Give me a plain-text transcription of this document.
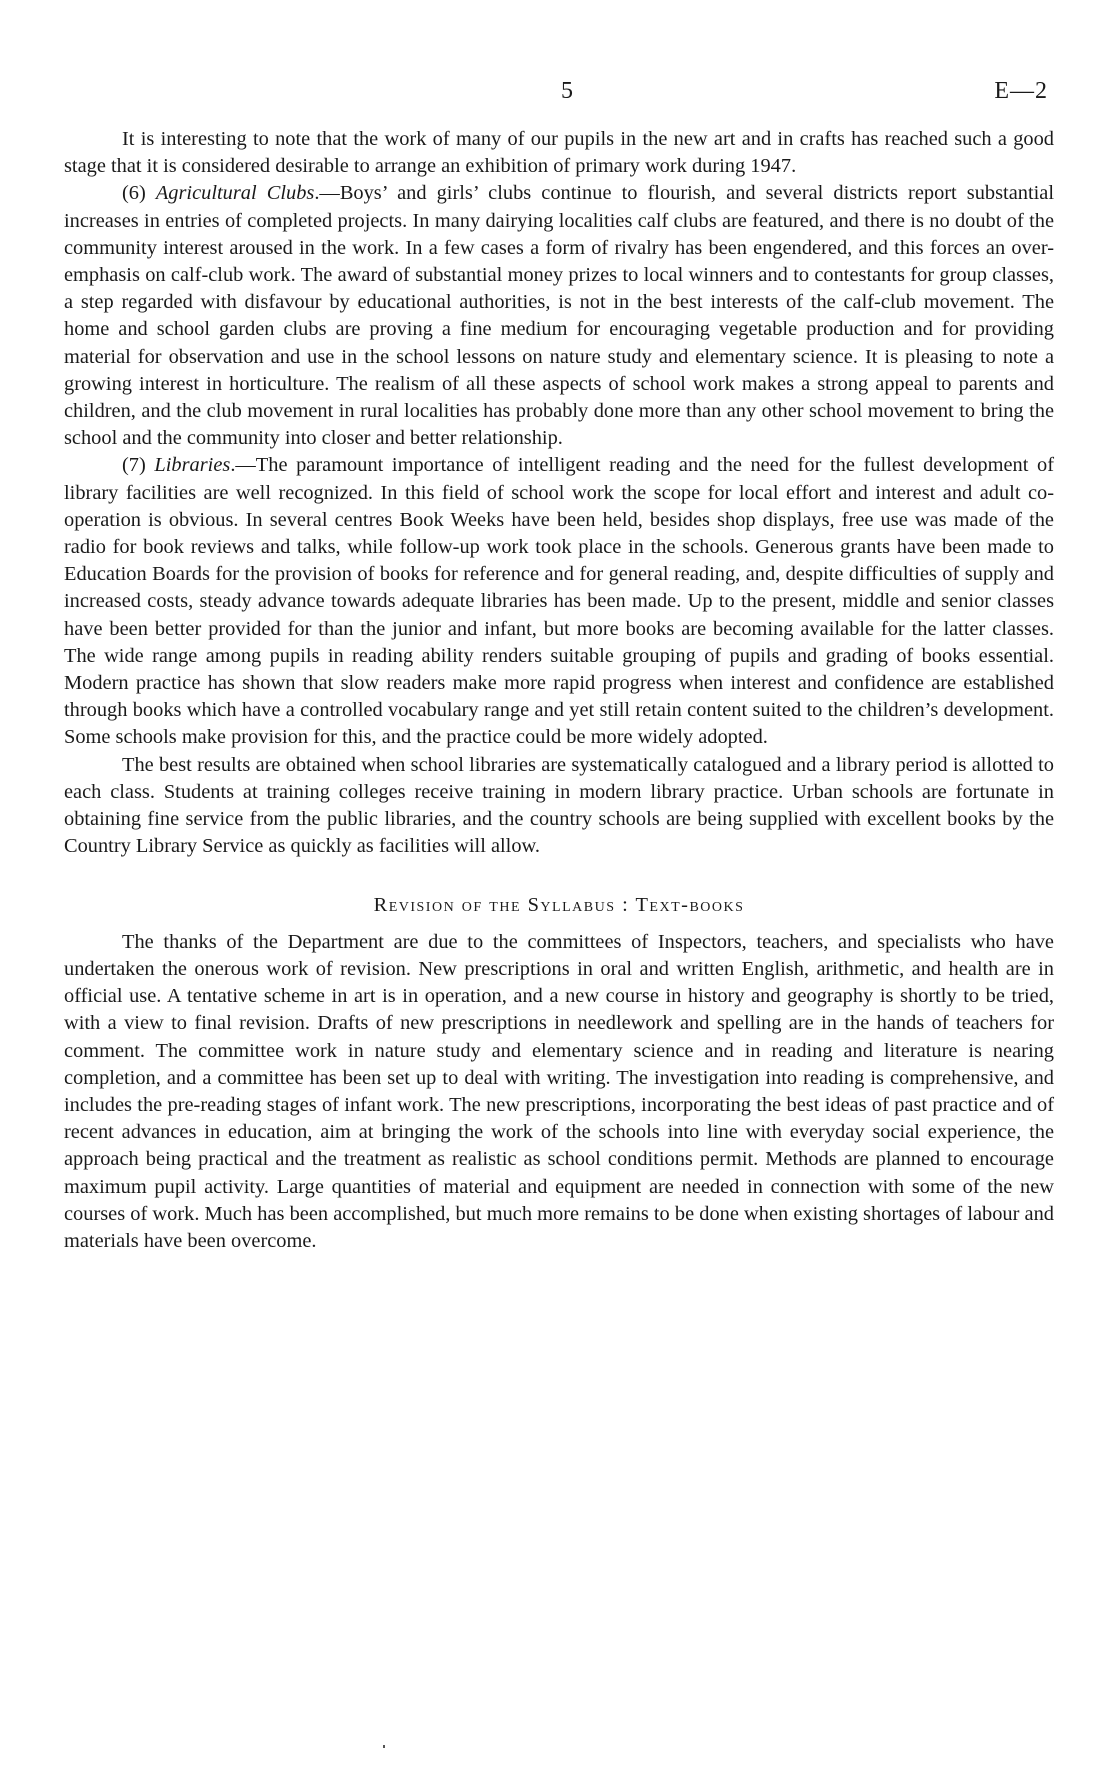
5	E—2

It is interesting to note that the work of many of our pupils in the new art and in crafts has reached such a good stage that it is considered desirable to arrange an exhibition of primary work during 1947.

(6) Agricultural Clubs.—Boys’ and girls’ clubs continue to flourish, and several districts report substantial increases in entries of completed projects. In many dairying localities calf clubs are featured, and there is no doubt of the community interest aroused in the work. In a few cases a form of rivalry has been engendered, and this forces an over-emphasis on calf-club work. The award of substantial money prizes to local winners and to contestants for group classes, a step regarded with disfavour by educational authorities, is not in the best interests of the calf-club movement. The home and school garden clubs are proving a fine medium for encouraging vegetable production and for providing material for observation and use in the school lessons on nature study and elementary science. It is pleasing to note a growing interest in horticulture. The realism of all these aspects of school work makes a strong appeal to parents and children, and the club movement in rural localities has probably done more than any other school movement to bring the school and the community into closer and better relationship.

(7) Libraries.—The paramount importance of intelligent reading and the need for the fullest development of library facilities are well recognized. In this field of school work the scope for local effort and interest and adult co-operation is obvious. In several centres Book Weeks have been held, besides shop displays, free use was made of the radio for book reviews and talks, while follow-up work took place in the schools. Generous grants have been made to Education Boards for the provision of books for reference and for general reading, and, despite difficulties of supply and increased costs, steady advance towards adequate libraries has been made. Up to the present, middle and senior classes have been better provided for than the junior and infant, but more books are becoming available for the latter classes. The wide range among pupils in reading ability renders suitable grouping of pupils and grading of books essential. Modern practice has shown that slow readers make more rapid progress when interest and confidence are established through books which have a controlled vocabulary range and yet still retain content suited to the children’s development. Some schools make provision for this, and the practice could be more widely adopted.

The best results are obtained when school libraries are systematically catalogued and a library period is allotted to each class. Students at training colleges receive training in modern library practice. Urban schools are fortunate in obtaining fine service from the public libraries, and the country schools are being supplied with excellent books by the Country Library Service as quickly as facilities will allow.

Revision of the Syllabus : Text-books

The thanks of the Department are due to the committees of Inspectors, teachers, and specialists who have undertaken the onerous work of revision. New prescriptions in oral and written English, arithmetic, and health are in official use. A tentative scheme in art is in operation, and a new course in history and geography is shortly to be tried, with a view to final revision. Drafts of new prescriptions in needlework and spelling are in the hands of teachers for comment. The committee work in nature study and elementary science and in reading and literature is nearing completion, and a committee has been set up to deal with writing. The investigation into reading is comprehensive, and includes the pre-reading stages of infant work. The new prescriptions, incorporating the best ideas of past practice and of recent advances in education, aim at bringing the work of the schools into line with everyday social experience, the approach being practical and the treatment as realistic as school conditions permit. Methods are planned to encourage maximum pupil activity. Large quantities of material and equipment are needed in connection with some of the new courses of work. Much has been accomplished, but much more remains to be done when existing shortages of labour and materials have been overcome.
